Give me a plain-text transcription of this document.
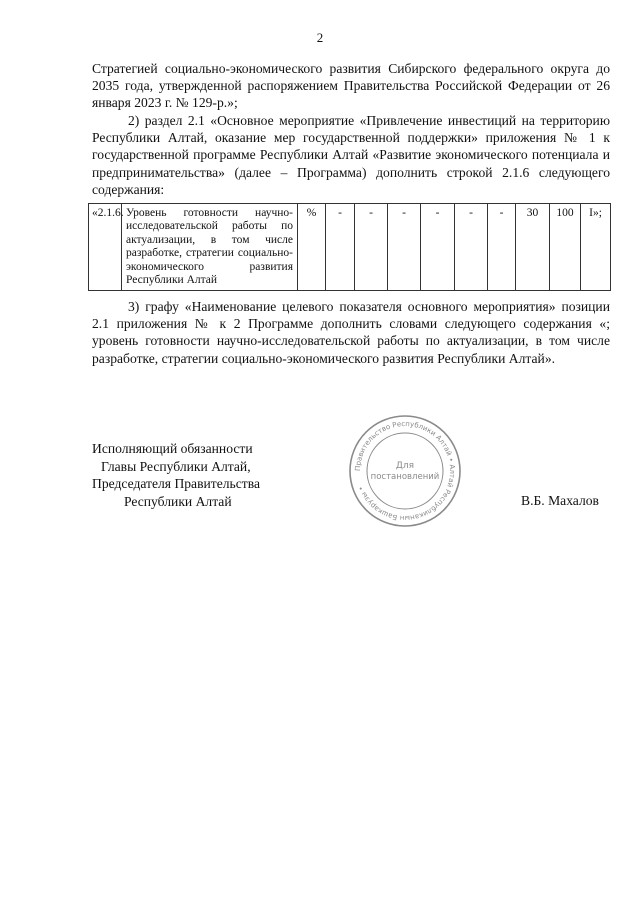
2

Стратегией социально-экономического развития Сибирского федерального округа до 2035 года, утвержденной распоряжением Правительства Российской Федерации от 26 января 2023 г. № 129-р.»;

2) раздел 2.1 «Основное мероприятие «Привлечение инвестиций на территорию Республики Алтай, оказание мер государственной поддержки» приложения № 1 к государственной программе Республики Алтай «Развитие экономического потенциала и предпринимательства» (далее – Программа) дополнить строкой 2.1.6 следующего содержания:

«2.1.6.	Уровень готовности научно-исследовательской работы по актуализации, в том числе разработке, стратегии социально-экономического развития Республики Алтай	%	-	-	-	-	-	-	30	100	I»;

3) графу «Наименование целевого показателя основного мероприятия» позиции 2.1 приложения № к 2 Программе дополнить словами следующего содержания «; уровень готовности научно-исследовательской работы по актуализации, в том числе разработке, стратегии социально-экономического развития Республики Алтай».

Исполняющий обязанности
Главы Республики Алтай,
Председателя Правительства
Республики Алтай	В.Б. Махалов
Правительство Республики Алтай • Алтай Республиканын Башкарузы •
Для
постановлений
